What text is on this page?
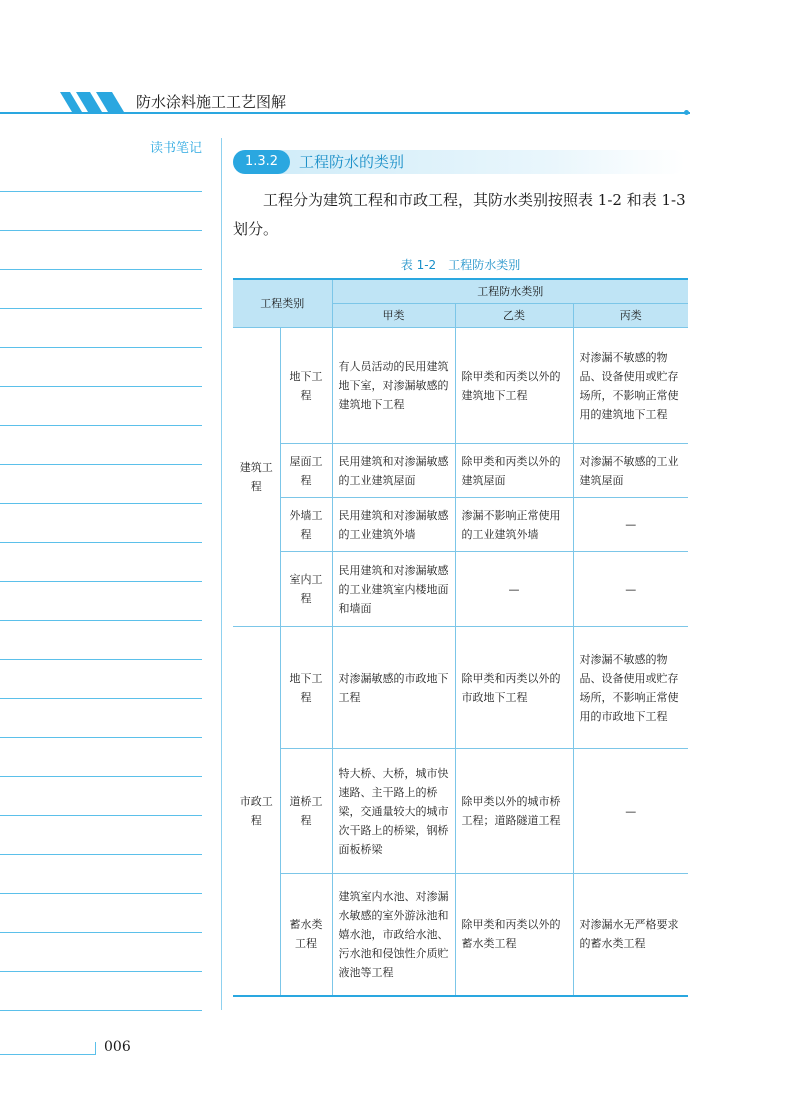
防水涂料施工工艺图解
读书笔记
1.3.2	工程防水的类别
工程分为建筑工程和市政工程，其防水类别按照表 1-2 和表 1-3 划分。
表 1-2　工程防水类别
工程类别		工程防水类别		
		甲类	乙类	丙类
建筑工程	地下工程	有人员活动的民用建筑地下室，对渗漏敏感的建筑地下工程	除甲类和丙类以外的建筑地下工程	对渗漏不敏感的物品、设备使用或贮存场所，不影响正常使用的建筑地下工程
	屋面工程	民用建筑和对渗漏敏感的工业建筑屋面	除甲类和丙类以外的建筑屋面	对渗漏不敏感的工业建筑屋面
	外墙工程	民用建筑和对渗漏敏感的工业建筑外墙	渗漏不影响正常使用的工业建筑外墙	—
	室内工程	民用建筑和对渗漏敏感的工业建筑室内楼地面和墙面	—	—
市政工程	地下工程	对渗漏敏感的市政地下工程	除甲类和丙类以外的市政地下工程	对渗漏不敏感的物品、设备使用或贮存场所，不影响正常使用的市政地下工程
	道桥工程	特大桥、大桥，城市快速路、主干路上的桥梁，交通量较大的城市次干路上的桥梁，钢桥面板桥梁	除甲类以外的城市桥工程；道路隧道工程	—
	蓄水类工程	建筑室内水池、对渗漏水敏感的室外游泳池和嬉水池，市政给水池、污水池和侵蚀性介质贮液池等工程	除甲类和丙类以外的蓄水类工程	对渗漏水无严格要求的蓄水类工程
006
